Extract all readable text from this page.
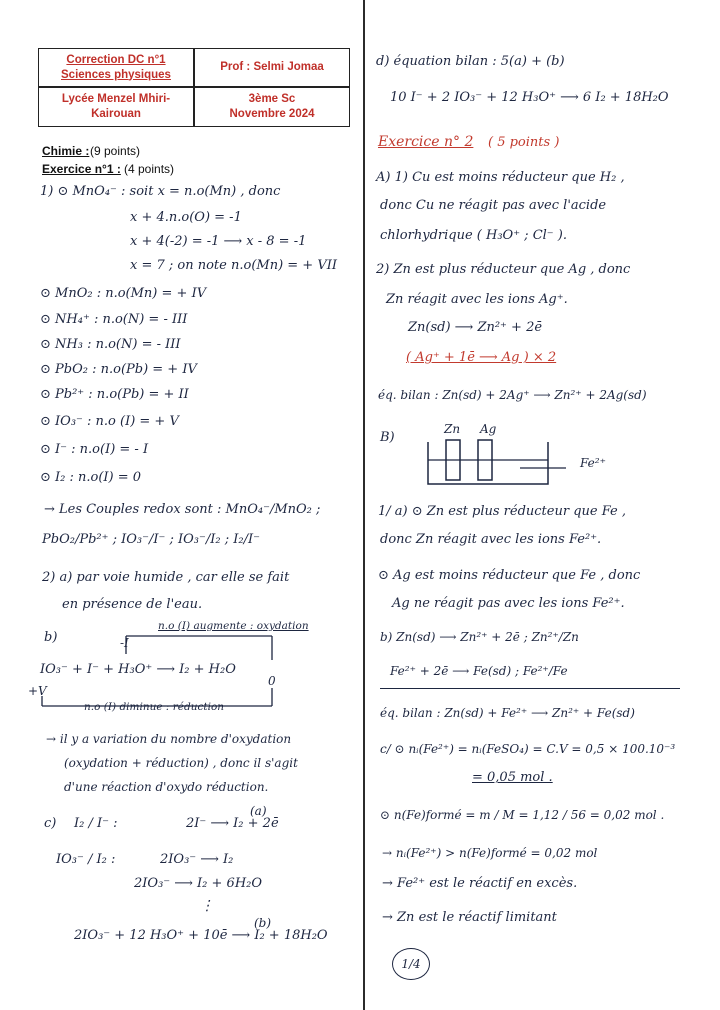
Correction DC n°1
Sciences physiques
Prof : Selmi Jomaa
Lycée Menzel Mhiri-
Kairouan
3ème Sc
Novembre 2024
Chimie : (9 points)
Exercice n°1 : (4 points)
1) ⊙ MnO₄⁻ : soit x = n.o(Mn) , donc
x + 4.n.o(O) = -1
x + 4(-2) = -1 ⟶ x - 8 = -1
x = 7 ; on note n.o(Mn) = + VII
⊙ MnO₂ : n.o(Mn) = + IV
⊙ NH₄⁺ : n.o(N) = - III
⊙ NH₃ : n.o(N) = - III
⊙ PbO₂ : n.o(Pb) = + IV
⊙ Pb²⁺ : n.o(Pb) = + II
⊙ IO₃⁻ : n.o (I) = + V
⊙ I⁻ : n.o(I) = - I
⊙ I₂ : n.o(I) = 0
→ Les Couples redox sont : MnO₄⁻/MnO₂ ;
PbO₂/Pb²⁺ ; IO₃⁻/I⁻ ; IO₃⁻/I₂ ; I₂/I⁻
2) a) par voie humide , car elle se fait
en présence de l'eau.
b)
n.o (I) augmente : oxydation
-I
0
IO₃⁻ + I⁻ + H₃O⁺ ⟶ I₂ + H₂O
+V
n.o (I) diminue : réduction
→ il y a variation du nombre d'oxydation
(oxydation + réduction) , donc il s'agit
d'une réaction d'oxydo réduction.
c) I₂ / I⁻ :	2I⁻ ⟶ I₂ + 2ē
(a)
IO₃⁻ / I₂ :	2IO₃⁻ ⟶ I₂
2IO₃⁻ ⟶ I₂ + 6H₂O
⋮
2IO₃⁻ + 12 H₃O⁺ + 10ē ⟶ I₂ + 18H₂O
(b)
d) équation bilan : 5(a) + (b)
10 I⁻ + 2 IO₃⁻ + 12 H₃O⁺ ⟶ 6 I₂ + 18H₂O
Exercice n° 2 ( 5 points )
A) 1) Cu est moins réducteur que H₂ ,
donc Cu ne réagit pas avec l'acide
chlorhydrique ( H₃O⁺ ; Cl⁻ ).
2) Zn est plus réducteur que Ag , donc
Zn réagit avec les ions Ag⁺.
Zn(sd) ⟶ Zn²⁺ + 2ē
( Ag⁺ + 1ē ⟶ Ag ) × 2
éq. bilan : Zn(sd) + 2Ag⁺ ⟶ Zn²⁺ + 2Ag(sd)
B)
Zn Ag
Fe²⁺
1/ a) ⊙ Zn est plus réducteur que Fe ,
donc Zn réagit avec les ions Fe²⁺.
⊙ Ag est moins réducteur que Fe , donc
Ag ne réagit pas avec les ions Fe²⁺.
b) Zn(sd) ⟶ Zn²⁺ + 2ē ; Zn²⁺/Zn
Fe²⁺ + 2ē ⟶ Fe(sd) ; Fe²⁺/Fe
éq. bilan : Zn(sd) + Fe²⁺ ⟶ Zn²⁺ + Fe(sd)
c/ ⊙ nᵢ(Fe²⁺) = nᵢ(FeSO₄) = C.V = 0,5 × 100.10⁻³
= 0,05 mol .
⊙ n(Fe)formé = m / M = 1,12 / 56 = 0,02 mol .
→ nᵢ(Fe²⁺) > n(Fe)formé = 0,02 mol
→ Fe²⁺ est le réactif en excès.
→ Zn est le réactif limitant
1/4
